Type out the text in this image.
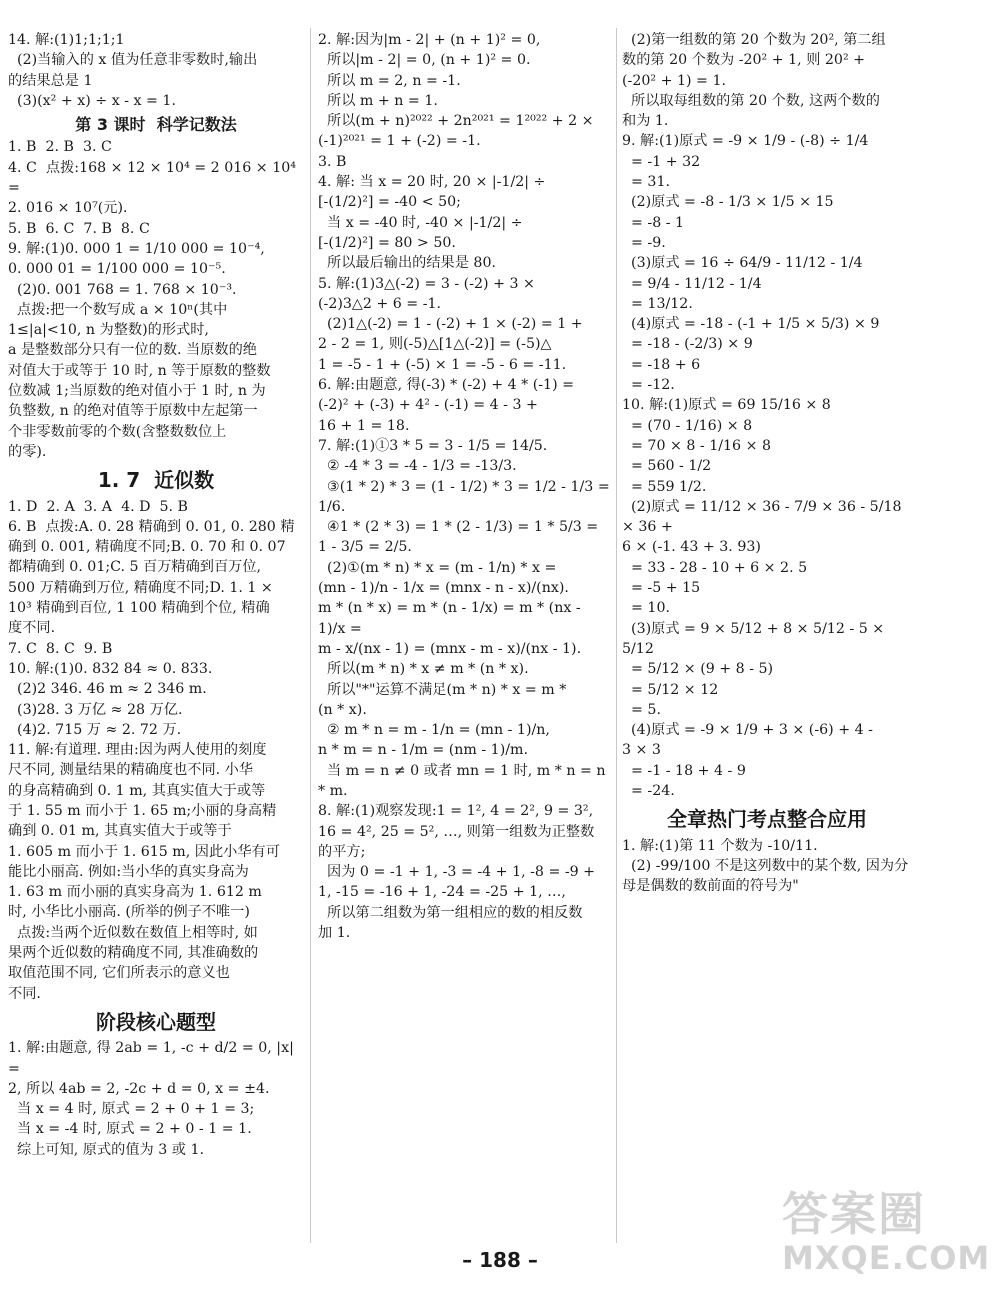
14. 解:(1)1;1;1;1
(2)当输入的 x 值为任意非零数时,输出
的结果总是 1
(3)(x² + x) ÷ x - x = 1.
第 3 课时  科学记数法
1. B  2. B  3. C
4. C  点拨:168 × 12 × 10⁴ = 2 016 × 10⁴ =
2. 016 × 10⁷(元).
5. B  6. C  7. B  8. C
9. 解:(1)0. 000 1 = 1/10 000 = 10⁻⁴,
0. 000 01 = 1/100 000 = 10⁻⁵.
(2)0. 001 768 = 1. 768 × 10⁻³.
点拨:把一个数写成 a × 10ⁿ(其中
1≤|a|<10, n 为整数)的形式时,
a 是整数部分只有一位的数. 当原数的绝
对值大于或等于 10 时, n 等于原数的整数
位数减 1;当原数的绝对值小于 1 时, n 为
负整数, n 的绝对值等于原数中左起第一
个非零数前零的个数(含整数数位上
的零).
1. 7  近似数
1. D  2. A  3. A  4. D  5. B
6. B  点拨:A. 0. 28 精确到 0. 01, 0. 280 精
确到 0. 001, 精确度不同;B. 0. 70 和 0. 07
都精确到 0. 01;C. 5 百万精确到百万位,
500 万精确到万位, 精确度不同;D. 1. 1 ×
10³ 精确到百位, 1 100 精确到个位, 精确
度不同.
7. C  8. C  9. B
10. 解:(1)0. 832 84 ≈ 0. 833.
(2)2 346. 46 m ≈ 2 346 m.
(3)28. 3 万亿 ≈ 28 万亿.
(4)2. 715 万 ≈ 2. 72 万.
11. 解:有道理. 理由:因为两人使用的刻度
尺不同, 测量结果的精确度也不同. 小华
的身高精确到 0. 1 m, 其真实值大于或等
于 1. 55 m 而小于 1. 65 m;小丽的身高精
确到 0. 01 m, 其真实值大于或等于
1. 605 m 而小于 1. 615 m, 因此小华有可
能比小丽高. 例如:当小华的真实身高为
1. 63 m 而小丽的真实身高为 1. 612 m
时, 小华比小丽高. (所举的例子不唯一)
点拨:当两个近似数在数值上相等时, 如
果两个近似数的精确度不同, 其准确数的
取值范围不同, 它们所表示的意义也
不同.
阶段核心题型
1. 解:由题意, 得 2ab = 1, -c + d/2 = 0, |x| =
2, 所以 4ab = 2, -2c + d = 0, x = ±4.
当 x = 4 时, 原式 = 2 + 0 + 1 = 3;
当 x = -4 时, 原式 = 2 + 0 - 1 = 1.
综上可知, 原式的值为 3 或 1.
2. 解:因为|m - 2| + (n + 1)² = 0,
所以|m - 2| = 0, (n + 1)² = 0.
所以 m = 2, n = -1.
所以 m + n = 1.
所以(m + n)²⁰²² + 2n²⁰²¹ = 1²⁰²² + 2 ×
(-1)²⁰²¹ = 1 + (-2) = -1.
3. B
4. 解: 当 x = 20 时, 20 × |-1/2| ÷
[-(1/2)²] = -40 < 50;
当 x = -40 时, -40 × |-1/2| ÷
[-(1/2)²] = 80 > 50.
所以最后输出的结果是 80.
5. 解:(1)3△(-2) = 3 - (-2) + 3 ×
(-2)3△2 + 6 = -1.
(2)1△(-2) = 1 - (-2) + 1 × (-2) = 1 +
2 - 2 = 1, 则(-5)△[1△(-2)] = (-5)△
1 = -5 - 1 + (-5) × 1 = -5 - 6 = -11.
6. 解:由题意, 得(-3) * (-2) + 4 * (-1) =
(-2)² + (-3) + 4² - (-1) = 4 - 3 +
16 + 1 = 18.
7. 解:(1)①3 * 5 = 3 - 1/5 = 14/5.
② -4 * 3 = -4 - 1/3 = -13/3.
③(1 * 2) * 3 = (1 - 1/2) * 3 = 1/2 - 1/3 =
1/6.
④1 * (2 * 3) = 1 * (2 - 1/3) = 1 * 5/3 =
1 - 3/5 = 2/5.
(2)①(m * n) * x = (m - 1/n) * x =
(mn - 1)/n - 1/x = (mnx - n - x)/(nx).
m * (n * x) = m * (n - 1/x) = m * (nx - 1)/x =
m - x/(nx - 1) = (mnx - m - x)/(nx - 1).
所以(m * n) * x ≠ m * (n * x).
所以"*"运算不满足(m * n) * x = m *
(n * x).
② m * n = m - 1/n = (mn - 1)/n,
n * m = n - 1/m = (nm - 1)/m.
当 m = n ≠ 0 或者 mn = 1 时, m * n = n * m.
8. 解:(1)观察发现:1 = 1², 4 = 2², 9 = 3²,
16 = 4², 25 = 5², …, 则第一组数为正整数
的平方;
因为 0 = -1 + 1, -3 = -4 + 1, -8 = -9 +
1, -15 = -16 + 1, -24 = -25 + 1, …,
所以第二组数为第一组相应的数的相反数
加 1.
(2)第一组数的第 20 个数为 20², 第二组
数的第 20 个数为 -20² + 1, 则 20² +
(-20² + 1) = 1.
所以取每组数的第 20 个数, 这两个数的
和为 1.
9. 解:(1)原式 = -9 × 1/9 - (-8) ÷ 1/4
= -1 + 32
= 31.
(2)原式 = -8 - 1/3 × 1/5 × 15
= -8 - 1
= -9.
(3)原式 = 16 ÷ 64/9 - 11/12 - 1/4
= 9/4 - 11/12 - 1/4
= 13/12.
(4)原式 = -18 - (-1 + 1/5 × 5/3) × 9
= -18 - (-2/3) × 9
= -18 + 6
= -12.
10. 解:(1)原式 = 69 15/16 × 8
= (70 - 1/16) × 8
= 70 × 8 - 1/16 × 8
= 560 - 1/2
= 559 1/2.
(2)原式 = 11/12 × 36 - 7/9 × 36 - 5/18 × 36 +
6 × (-1. 43 + 3. 93)
= 33 - 28 - 10 + 6 × 2. 5
= -5 + 15
= 10.
(3)原式 = 9 × 5/12 + 8 × 5/12 - 5 × 5/12
= 5/12 × (9 + 8 - 5)
= 5/12 × 12
= 5.
(4)原式 = -9 × 1/9 + 3 × (-6) + 4 -
3 × 3
= -1 - 18 + 4 - 9
= -24.
全章热门考点整合应用
1. 解:(1)第 11 个数为 -10/11.
(2) -99/100 不是这列数中的某个数, 因为分
母是偶数的数前面的符号为"
– 188 –
答案圈
MXQE.COM
